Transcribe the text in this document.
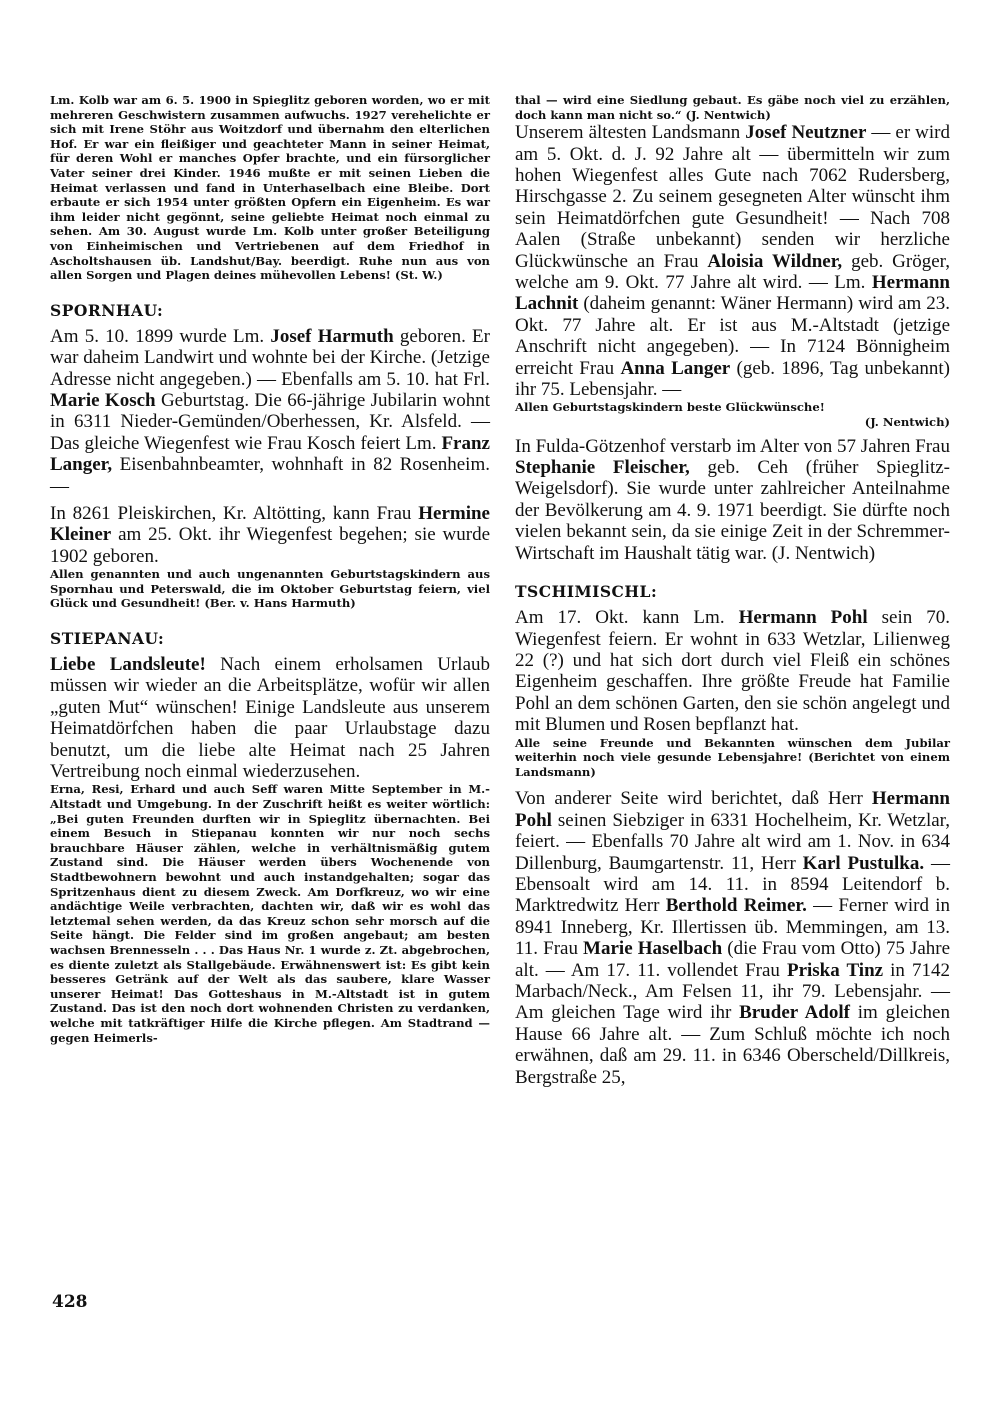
Lm. Kolb war am 6. 5. 1900 in Spieglitz geboren worden, wo er mit mehreren Geschwistern zusammen aufwuchs. 1927 verehelichte er sich mit Irene Stöhr aus Woitzdorf und übernahm den elterlichen Hof. Er war ein fleißiger und geachteter Mann in seiner Heimat, für deren Wohl er manches Opfer brachte, und ein fürsorglicher Vater seiner drei Kinder. 1946 mußte er mit seinen Lieben die Heimat verlassen und fand in Unterhaselbach eine Bleibe. Dort erbaute er sich 1954 unter größten Opfern ein Eigenheim. Es war ihm leider nicht gegönnt, seine geliebte Heimat noch einmal zu sehen. Am 30. August wurde Lm. Kolb unter großer Beteiligung von Einheimischen und Vertriebenen auf dem Friedhof in Ascholtshausen üb. Landshut/Bay. beerdigt. Ruhe nun aus von allen Sorgen und Plagen deines mühevollen Lebens! (St. W.)

SPORNHAU:

Am 5. 10. 1899 wurde Lm. Josef Harmuth geboren. Er war daheim Landwirt und wohnte bei der Kirche. (Jetzige Adresse nicht angegeben.) — Ebenfalls am 5. 10. hat Frl. Marie Kosch Geburtstag. Die 66-jährige Jubilarin wohnt in 6311 Nieder-Gemünden/Oberhessen, Kr. Alsfeld. — Das gleiche Wiegenfest wie Frau Kosch feiert Lm. Franz Langer, Eisenbahnbeamter, wohnhaft in 82 Rosenheim. —

In 8261 Pleiskirchen, Kr. Altötting, kann Frau Hermine Kleiner am 25. Okt. ihr Wiegenfest begehen; sie wurde 1902 geboren.

Allen genannten und auch ungenannten Geburtstagskindern aus Spornhau und Peterswald, die im Oktober Geburtstag feiern, viel Glück und Gesundheit! (Ber. v. Hans Harmuth)

STIEPANAU:

Liebe Landsleute! Nach einem erholsamen Urlaub müssen wir wieder an die Arbeitsplätze, wofür wir allen „guten Mut“ wünschen! Einige Landsleute aus unserem Heimatdörfchen haben die paar Urlaubstage dazu benutzt, um die liebe alte Heimat nach 25 Jahren Vertreibung noch einmal wiederzusehen.

Erna, Resi, Erhard und auch Seff waren Mitte September in M.-Altstadt und Umgebung. In der Zuschrift heißt es weiter wörtlich: „Bei guten Freunden durften wir in Spieglitz übernachten. Bei einem Besuch in Stiepanau konnten wir nur noch sechs brauchbare Häuser zählen, welche in verhältnismäßig gutem Zustand sind. Die Häuser werden übers Wochenende von Stadtbewohnern bewohnt und auch instandgehalten; sogar das Spritzenhaus dient zu diesem Zweck. Am Dorfkreuz, wo wir eine andächtige Weile verbrachten, dachten wir, daß wir es wohl das letztemal sehen werden, da das Kreuz schon sehr morsch auf die Seite hängt. Die Felder sind im großen angebaut; am besten wachsen Brennesseln . . . Das Haus Nr. 1 wurde z. Zt. abgebrochen, es diente zuletzt als Stallgebäude. Erwähnenswert ist: Es gibt kein besseres Getränk auf der Welt als das saubere, klare Wasser unserer Heimat! Das Gotteshaus in M.-Altstadt ist in gutem Zustand. Das ist den noch dort wohnenden Christen zu verdanken, welche mit tatkräftiger Hilfe die Kirche pflegen. Am Stadtrand — gegen Heimerls-

thal — wird eine Siedlung gebaut. Es gäbe noch viel zu erzählen, doch kann man nicht so.“ (J. Nentwich)

Unserem ältesten Landsmann Josef Neutzner — er wird am 5. Okt. d. J. 92 Jahre alt — übermitteln wir zum hohen Wiegenfest alles Gute nach 7062 Rudersberg, Hirschgasse 2. Zu seinem gesegneten Alter wünscht ihm sein Heimatdörfchen gute Gesundheit! — Nach 708 Aalen (Straße unbekannt) senden wir herzliche Glückwünsche an Frau Aloisia Wildner, geb. Gröger, welche am 9. Okt. 77 Jahre alt wird. — Lm. Hermann Lachnit (daheim genannt: Wäner Hermann) wird am 23. Okt. 77 Jahre alt. Er ist aus M.-Altstadt (jetzige Anschrift nicht angegeben). — In 7124 Bönnigheim erreicht Frau Anna Langer (geb. 1896, Tag unbekannt) ihr 75. Lebensjahr. —

Allen Geburtstagskindern beste Glückwünsche!

(J. Nentwich)

In Fulda-Götzenhof verstarb im Alter von 57 Jahren Frau Stephanie Fleischer, geb. Ceh (früher Spieglitz-Weigelsdorf). Sie wurde unter zahlreicher Anteilnahme der Bevölkerung am 4. 9. 1971 beerdigt. Sie dürfte noch vielen bekannt sein, da sie einige Zeit in der Schremmer-Wirtschaft im Haushalt tätig war. (J. Nentwich)

TSCHIMISCHL:

Am 17. Okt. kann Lm. Hermann Pohl sein 70. Wiegenfest feiern. Er wohnt in 633 Wetzlar, Lilienweg 22 (?) und hat sich dort durch viel Fleiß ein schönes Eigenheim geschaffen. Ihre größte Freude hat Familie Pohl an dem schönen Garten, den sie schön angelegt und mit Blumen und Rosen bepflanzt hat.

Alle seine Freunde und Bekannten wünschen dem Jubilar weiterhin noch viele gesunde Lebensjahre! (Berichtet von einem Landsmann)

Von anderer Seite wird berichtet, daß Herr Hermann Pohl seinen Siebziger in 6331 Hochelheim, Kr. Wetzlar, feiert. — Ebenfalls 70 Jahre alt wird am 1. Nov. in 634 Dillenburg, Baumgartenstr. 11, Herr Karl Pustulka. — Ebensoalt wird am 14. 11. in 8594 Leitendorf b. Marktredwitz Herr Berthold Reimer. — Ferner wird in 8941 Inneberg, Kr. Illertissen üb. Memmingen, am 13. 11. Frau Marie Haselbach (die Frau vom Otto) 75 Jahre alt. — Am 17. 11. vollendet Frau Priska Tinz in 7142 Marbach/Neck., Am Felsen 11, ihr 79. Lebensjahr. — Am gleichen Tage wird ihr Bruder Adolf im gleichen Hause 66 Jahre alt. — Zum Schluß möchte ich noch erwähnen, daß am 29. 11. in 6346 Oberscheld/Dillkreis, Bergstraße 25,

428
